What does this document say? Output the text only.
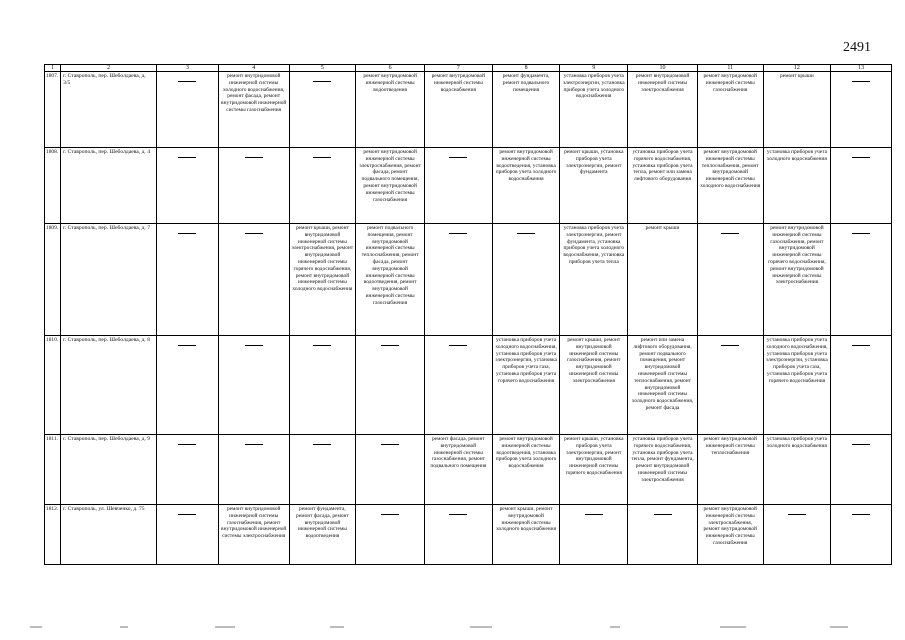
2491
1	2	3	4	5	6	7	8	9	10	11	12	13
1807.	г. Ставрополь, пер. Шеболдаева, д. 3/5		ремонт внутридомовой инженерной системы холодного водоснабжения, ремонт фасада, ремонт внутридомовой инженерной системы газоснабжения		ремонт внутридомовой инженерной системы водоотведения	ремонт внутридомовой инженерной системы водоснабжения	ремонт фундамента, ремонт подвального помещения	установка приборов учета электроэнергии, установка приборов учета холодного водоснабжения	ремонт внутридомовой инженерной системы электроснабжения	ремонт внутридомовой инженерной системы газоснабжения	ремонт крыши	
1808.	г. Ставрополь, пер. Шеболдаева, д. 4				ремонт внутридомовой инженерной системы электроснабжения, ремонт фасада, ремонт подвального помещения, ремонт внутридомовой инженерной системы газоснабжения		ремонт внутридомовой инженерной системы водоотведения, установка приборов учета холодного водоснабжения	ремонт крыши, установка приборов учета электроэнергии, ремонт фундамента	установка приборов учета горячего водоснабжения, установка приборов учета тепла, ремонт или замена лифтового оборудования	ремонт внутридомовой инженерной системы теплоснабжения, ремонт внутридомовой инженерной системы холодного водоснабжения	установка приборов учета холодного водоснабжения	
1809.	г. Ставрополь, пер. Шеболдаева, д. 7			ремонт крыши, ремонт внутридомовой инженерной системы электроснабжения, ремонт внутридомовой инженерной системы горячего водоснабжения, ремонт внутридомовой инженерной системы холодного водоснабжения	ремонт подвального помещения, ремонт внутридомовой инженерной системы теплоснабжения, ремонт фасада, ремонт внутридомовой инженерной системы водоотведения, ремонт внутридомовой инженерной системы газоснабжения			установка приборов учета электроэнергии, ремонт фундамента, установка приборов учета холодного водоснабжения, установка приборов учета тепла	ремонт крыши		ремонт внутридомовой инженерной системы газоснабжения, ремонт внутридомовой инженерной системы горячего водоснабжения, ремонт внутридомовой инженерной системы электроснабжения	
1810.	г. Ставрополь, пер. Шеболдаева, д. 8						установка приборов учета холодного водоснабжения, установка приборов учета электроэнергии, установка приборов учета газа, установка приборов учета горячего водоснабжения	ремонт крыши, ремонт внутридомовой инженерной системы газоснабжения, ремонт внутридомовой инженерной системы электроснабжения	ремонт или замена лифтового оборудования, ремонт подвального помещения, ремонт внутридомовой инженерной системы теплоснабжения, ремонт внутридомовой инженерной системы холодного водоснабжения, ремонт фасада		установка приборов учета холодного водоснабжения, установка приборов учета электроэнергии, установка приборов учета газа, установка приборов учета горячего водоснабжения	
1811.	г. Ставрополь, пер. Шеболдаева, д. 9					ремонт фасада, ремонт внутридомовой инженерной системы газоснабжения, ремонт подвального помещения	ремонт внутридомовой инженерной системы водоотведения, установка приборов учета холодного водоснабжения	ремонт крыши, установка приборов учета электроэнергии, ремонт внутридомовой инженерной системы горячего водоснабжения	установка приборов учета горячего водоснабжения, установка приборов учета тепла, ремонт фундамента, ремонт внутридомовой инженерной системы электроснабжения	ремонт внутридомовой инженерной системы теплоснабжения	установка приборов учета холодного водоснабжения	
1812.	г. Ставрополь, ул. Шевченко, д. 75		ремонт внутридомовой инженерной системы газоснабжения, ремонт внутридомовой инженерной системы электроснабжения	ремонт фундамента, ремонт фасада, ремонт внутридомовой инженерной системы водоотведения			ремонт крыши, ремонт внутридомовой инженерной системы холодного водоснабжения			ремонт внутридомовой инженерной системы электроснабжения, ремонт внутридомовой инженерной системы газоснабжения		
